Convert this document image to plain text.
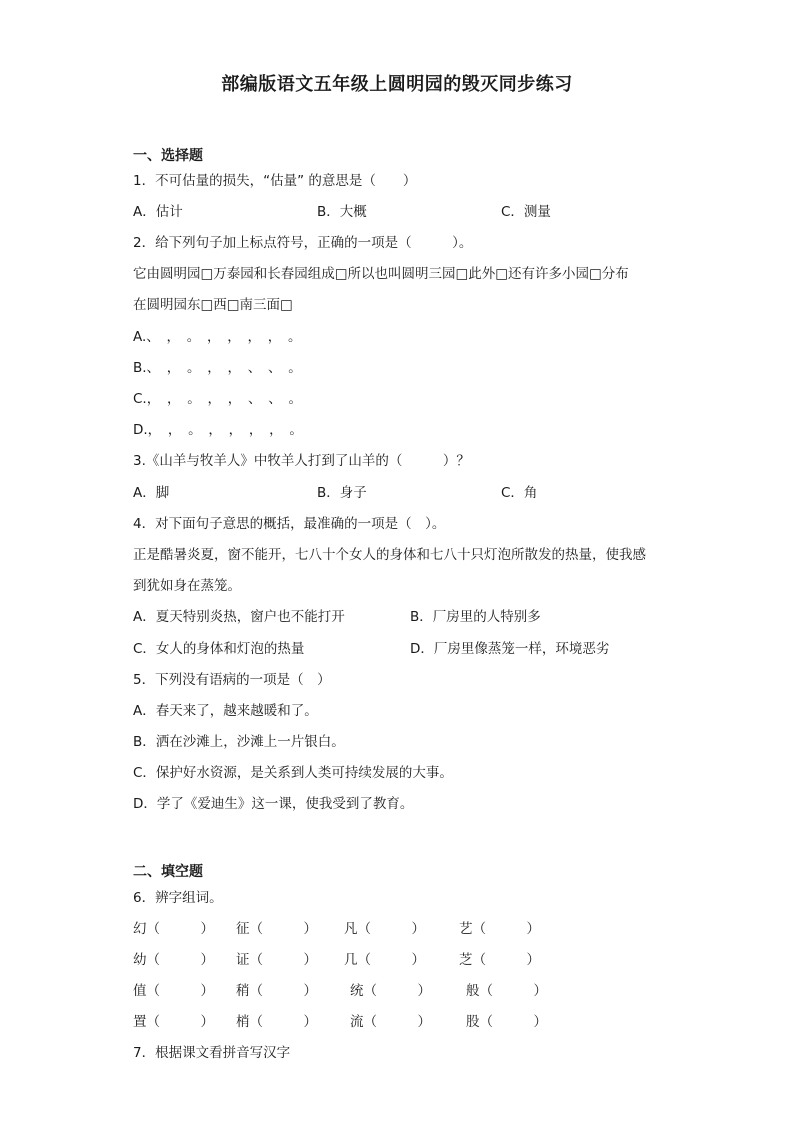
部编版语文五年级上圆明园的毁灭同步练习
一、选择题
1．不可估量的损失，“估量” 的意思是（　　）
A．估计	B．大概	C．测量
2．给下列句子加上标点符号，正确的一项是（　　　）。
它由圆明园□万泰园和长春园组成□所以也叫圆明三园□此外□还有许多小园□分布
在圆明园东□西□南三面□
A.、　，　。　，　，　，　，　。
B.、　，　。　，　，　、　、　。
C.，　，　。　，　，　、　、　。
D.，　，　。　，　，　，　，　。
3.《山羊与牧羊人》中牧羊人打到了山羊的（　　　）？
A．脚	B．身子	C．角
4．对下面句子意思的概括，最准确的一项是（　）。
正是酷暑炎夏，窗不能开，七八十个女人的身体和七八十只灯泡所散发的热量，使我感
到犹如身在蒸笼。
A．夏天特别炎热，窗户也不能打开	B．厂房里的人特别多
C．女人的身体和灯泡的热量	D．厂房里像蒸笼一样，环境恶劣
5．下列没有语病的一项是（　）
A．春天来了，越来越暖和了。
B．洒在沙滩上，沙滩上一片银白。
C．保护好水资源，是关系到人类可持续发展的大事。
D．学了《爱迪生》这一课，使我受到了教育。
二、填空题
6．辨字组词。
幻（　　　） 征（　　　） 凡（　　　）	艺（　　　）
幼（　　　） 证（　　　） 几（　　　）	芝（　　　）
值（　　　） 稍（　　　） 统（　　　）	般（　　　）
置（　　　） 梢（　　　） 流（　　　）	股（　　　）
7．根据课文看拼音写汉字
